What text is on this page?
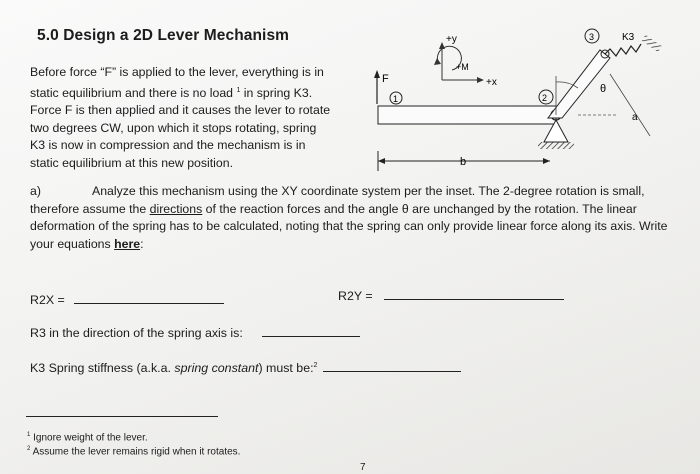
5.0 Design a 2D Lever Mechanism

Before force “F” is applied to the lever, everything is in

static equilibrium and there is no load $^1$ in spring K3.

Force F is then applied and it causes the lever to rotate

two degrees CW, upon which it stops rotating, spring

K3 is now in compression and the mechanism is in

static equilibrium at this new position.

+y
+x
+M
F
1	2
3	K3
θ
a
b
a)	Analyze this mechanism using the XY coordinate system per the inset. The 2-degree rotation is small, therefore assume the directions of the reaction forces and the angle θ are unchanged by the rotation. The linear deformation of the spring has to be calculated, noting that the spring can only provide linear force along its axis. Write your equations here:
R2X =	R2Y =
R3 in the direction of the spring axis is:
K3 Spring stiffness (a.k.a. spring constant) must be:$^2$
$^1$ Ignore weight of the lever.
$^2$ Assume the lever remains rigid when it rotates.
7
